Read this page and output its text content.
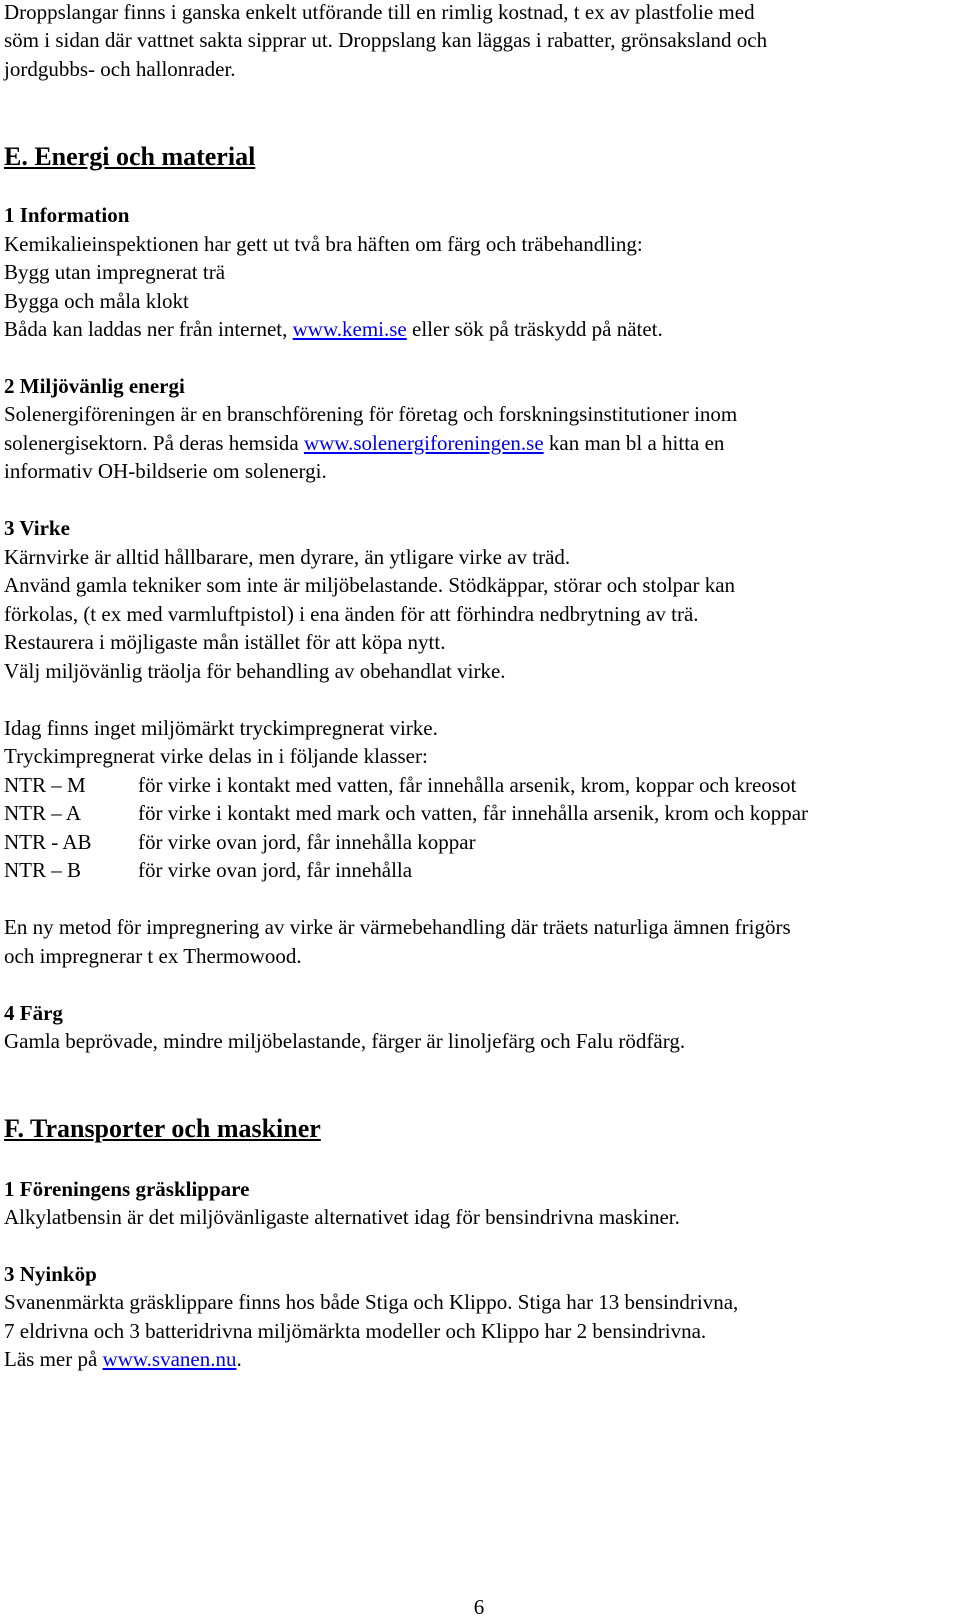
Droppslangar finns i ganska enkelt utförande till en rimlig kostnad, t ex av plastfolie med
söm i sidan där vattnet sakta sipprar ut. Droppslang kan läggas i rabatter, grönsaksland och
jordgubbs- och hallonrader.
E. Energi och material
1 Information
Kemikalieinspektionen har gett ut två bra häften om färg och träbehandling:
Bygg utan impregnerat trä
Bygga och måla klokt
Båda kan laddas ner från internet, www.kemi.se eller sök på träskydd på nätet.
2 Miljövänlig energi
Solenergiföreningen är en branschförening för företag och forskningsinstitutioner inom
solenergisektorn. På deras hemsida www.solenergiforeningen.se kan man bl a hitta en
informativ OH-bildserie om solenergi.
3 Virke
Kärnvirke är alltid hållbarare, men dyrare, än ytligare virke av träd.
Använd gamla tekniker som inte är miljöbelastande. Stödkäppar, störar och stolpar kan
förkolas, (t ex med varmluftpistol) i ena änden för att förhindra nedbrytning av trä.
Restaurera i möjligaste mån istället för att köpa nytt.
Välj miljövänlig träolja för behandling av obehandlat virke.
Idag finns inget miljömärkt tryckimpregnerat virke.
Tryckimpregnerat virke delas in i följande klasser:
NTR – M för virke i kontakt med vatten, får innehålla arsenik, krom, koppar och kreosot
NTR – A	för virke i kontakt med mark och vatten, får innehålla arsenik, krom och koppar
NTR - AB för virke ovan jord, får innehålla koppar
NTR – B	för virke ovan jord, får innehålla
En ny metod för impregnering av virke är värmebehandling där träets naturliga ämnen frigörs
och impregnerar t ex Thermowood.
4 Färg
Gamla beprövade, mindre miljöbelastande, färger är linoljefärg och Falu rödfärg.
F. Transporter och maskiner
1 Föreningens gräsklippare
Alkylatbensin är det miljövänligaste alternativet idag för bensindrivna maskiner.
3 Nyinköp
Svanenmärkta gräsklippare finns hos både Stiga och Klippo. Stiga har 13 bensindrivna,
7 eldrivna och 3 batteridrivna miljömärkta modeller och Klippo har 2 bensindrivna.
Läs mer på www.svanen.nu.
6
